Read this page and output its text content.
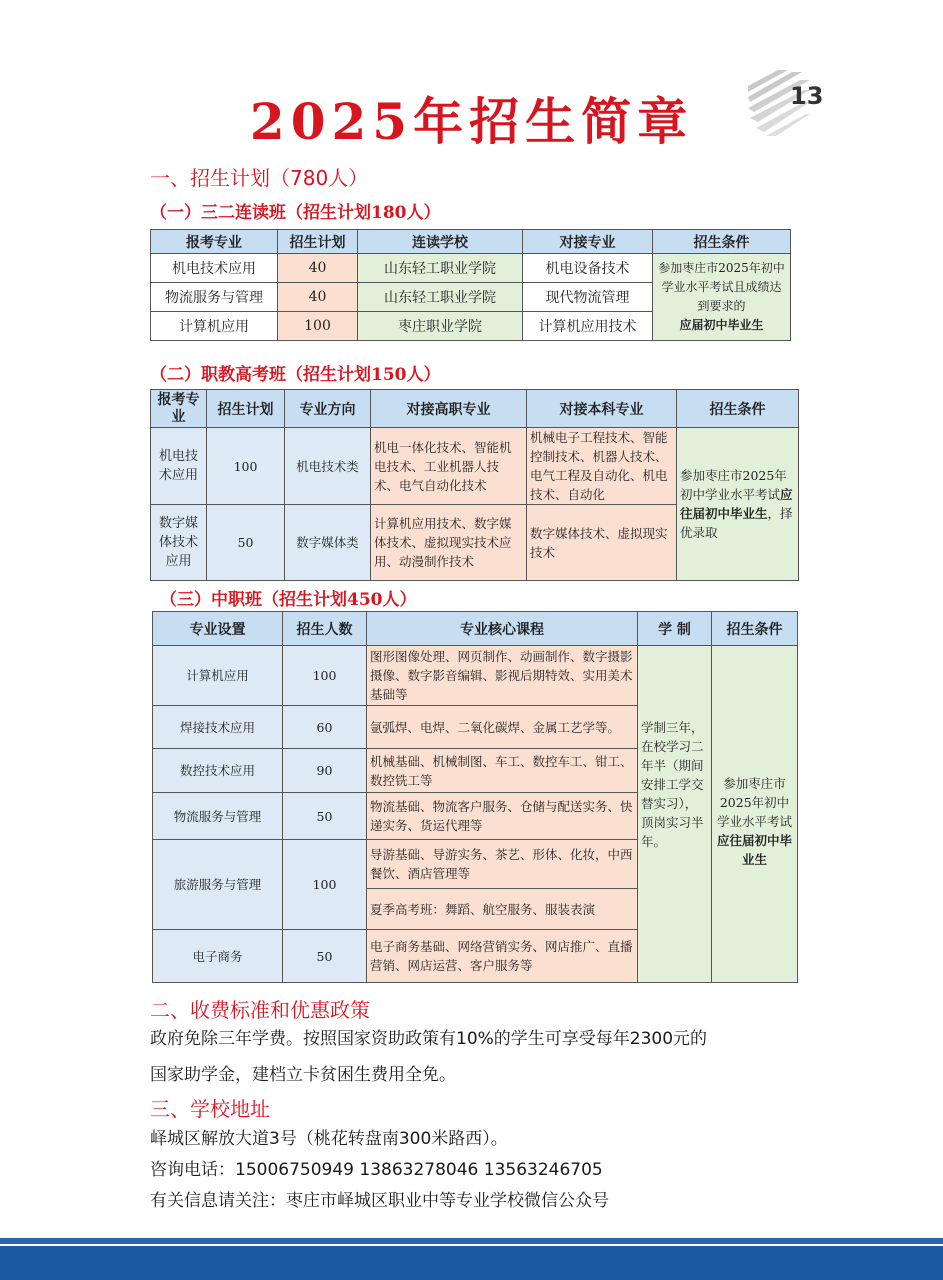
2025年招生简章	13
一、招生计划（780人）
（一）三二连读班（招生计划180人）
报考专业	招生计划	连读学校	对接专业	招生条件
机电技术应用	40	山东轻工职业学院	机电设备技术	参加枣庄市2025年初中学业水平考试且成绩达到要求的
应届初中毕业生
物流服务与管理	40	山东轻工职业学院	现代物流管理	
计算机应用	100	枣庄职业学院	计算机应用技术	
（二）职教高考班（招生计划150人）
报考专业	招生计划	专业方向	对接高职专业	对接本科专业	招生条件
机电技术应用	100	机电技术类	机电一体化技术、智能机电技术、工业机器人技术、电气自动化技术	机械电子工程技术、智能控制技术、机器人技术、电气工程及自动化、机电技术、自动化	参加枣庄市2025年初中学业水平考试应往届初中毕业生，择优录取
数字媒体技术应用	50	数字媒体类	计算机应用技术、数字媒体技术、虚拟现实技术应用、动漫制作技术	数字媒体技术、虚拟现实技术	
（三）中职班（招生计划450人）
专业设置	招生人数	专业核心课程	学 制	招生条件
计算机应用	100	图形图像处理、网页制作、动画制作、数字摄影摄像、数字影音编辑、影视后期特效、实用美术基础等	学制三年，在校学习二年半（期间安排工学交替实习），顶岗实习半年。	参加枣庄市2025年初中学业水平考试应往届初中毕业生
焊接技术应用	60	氩弧焊、电焊、二氧化碳焊、金属工艺学等。		
数控技术应用	90	机械基础、机械制图、车工、数控车工、钳工、数控铣工等		
物流服务与管理	50	物流基础、物流客户服务、仓储与配送实务、快递实务、货运代理等		
旅游服务与管理	100	导游基础、导游实务、茶艺、形体、化妆，中西餐饮、酒店管理等		
		夏季高考班：舞蹈、航空服务、服装表演		
电子商务	50	电子商务基础、网络营销实务、网店推广、直播营销、网店运营、客户服务等		
二、收费标准和优惠政策
政府免除三年学费。按照国家资助政策有10%的学生可享受每年2300元的
国家助学金，建档立卡贫困生费用全免。
三、学校地址
峄城区解放大道3号（桃花转盘南300米路西）。
咨询电话：15006750949 13863278046 13563246705
有关信息请关注：枣庄市峄城区职业中等专业学校微信公众号
